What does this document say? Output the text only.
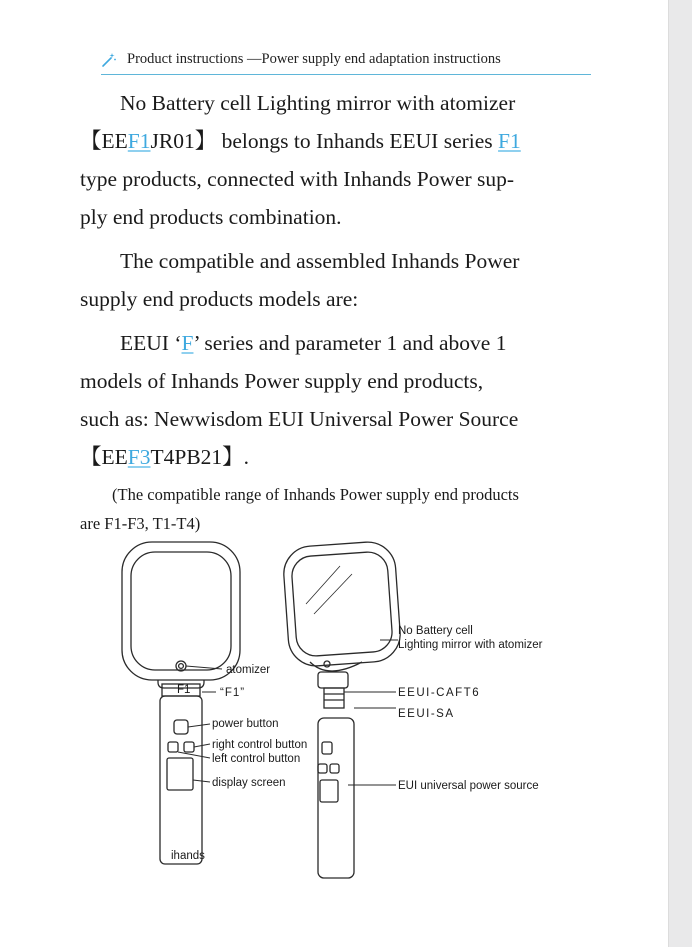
Product instructions —Power supply end adaptation instructions
No Battery cell Lighting mirror with atomizer
【EEF1JR01】 belongs to Inhands EEUI series F1
type products, connected with Inhands Power sup-
ply end products combination.
The compatible and assembled Inhands Power
supply end products models are:
EEUI ‘F’ series and parameter 1 and above 1
models of Inhands Power supply end products,
such as: Newwisdom EUI Universal Power Source
【EEF3T4PB21】.
(The compatible range of Inhands Power supply end products
are F1-F3, T1-T4)
F1
ihands
atomizer
“F1”
power button
right control button
left control button
display screen
No Battery cell
Lighting mirror with atomizer
EEUI-CAFT6
EEUI-SA
EUI universal power source
